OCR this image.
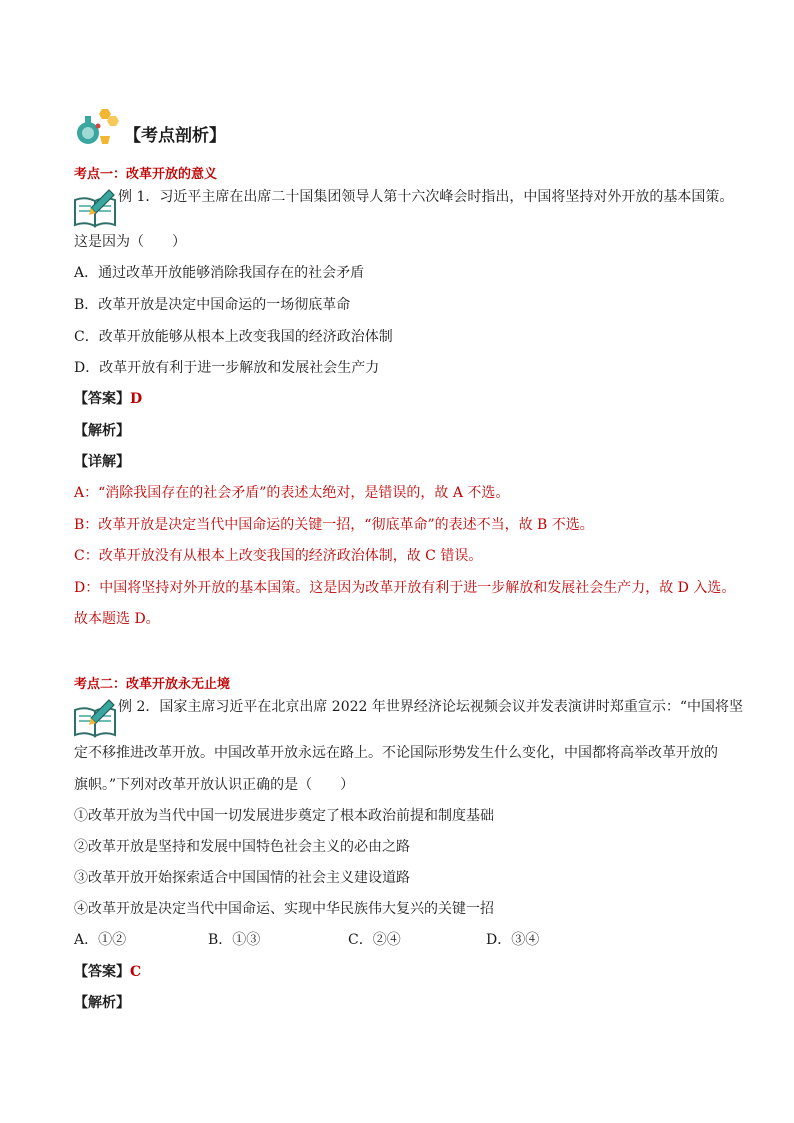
【考点剖析】
考点一：改革开放的意义
例 1．习近平主席在出席二十国集团领导人第十六次峰会时指出，中国将坚持对外开放的基本国策。
这是因为（　　）
A．通过改革开放能够消除我国存在的社会矛盾
B．改革开放是决定中国命运的一场彻底革命
C．改革开放能够从根本上改变我国的经济政治体制
D．改革开放有利于进一步解放和发展社会生产力
【答案】D
【解析】
【详解】
A：“消除我国存在的社会矛盾”的表述太绝对，是错误的，故 A 不选。
B：改革开放是决定当代中国命运的关键一招，“彻底革命”的表述不当，故 B 不选。
C：改革开放没有从根本上改变我国的经济政治体制，故 C 错误。
D：中国将坚持对外开放的基本国策。这是因为改革开放有利于进一步解放和发展社会生产力，故 D 入选。
故本题选 D。
考点二：改革开放永无止境
例 2．国家主席习近平在北京出席 2022 年世界经济论坛视频会议并发表演讲时郑重宣示：“中国将坚
定不移推进改革开放。中国改革开放永远在路上。不论国际形势发生什么变化，中国都将高举改革开放的
旗帜。”下列对改革开放认识正确的是（　　）
①改革开放为当代中国一切发展进步奠定了根本政治前提和制度基础
②改革开放是坚持和发展中国特色社会主义的必由之路
③改革开放开始探索适合中国国情的社会主义建设道路
④改革开放是决定当代中国命运、实现中华民族伟大复兴的关键一招
A．①②	B．①③	C．②④	D．③④
【答案】C
【解析】
